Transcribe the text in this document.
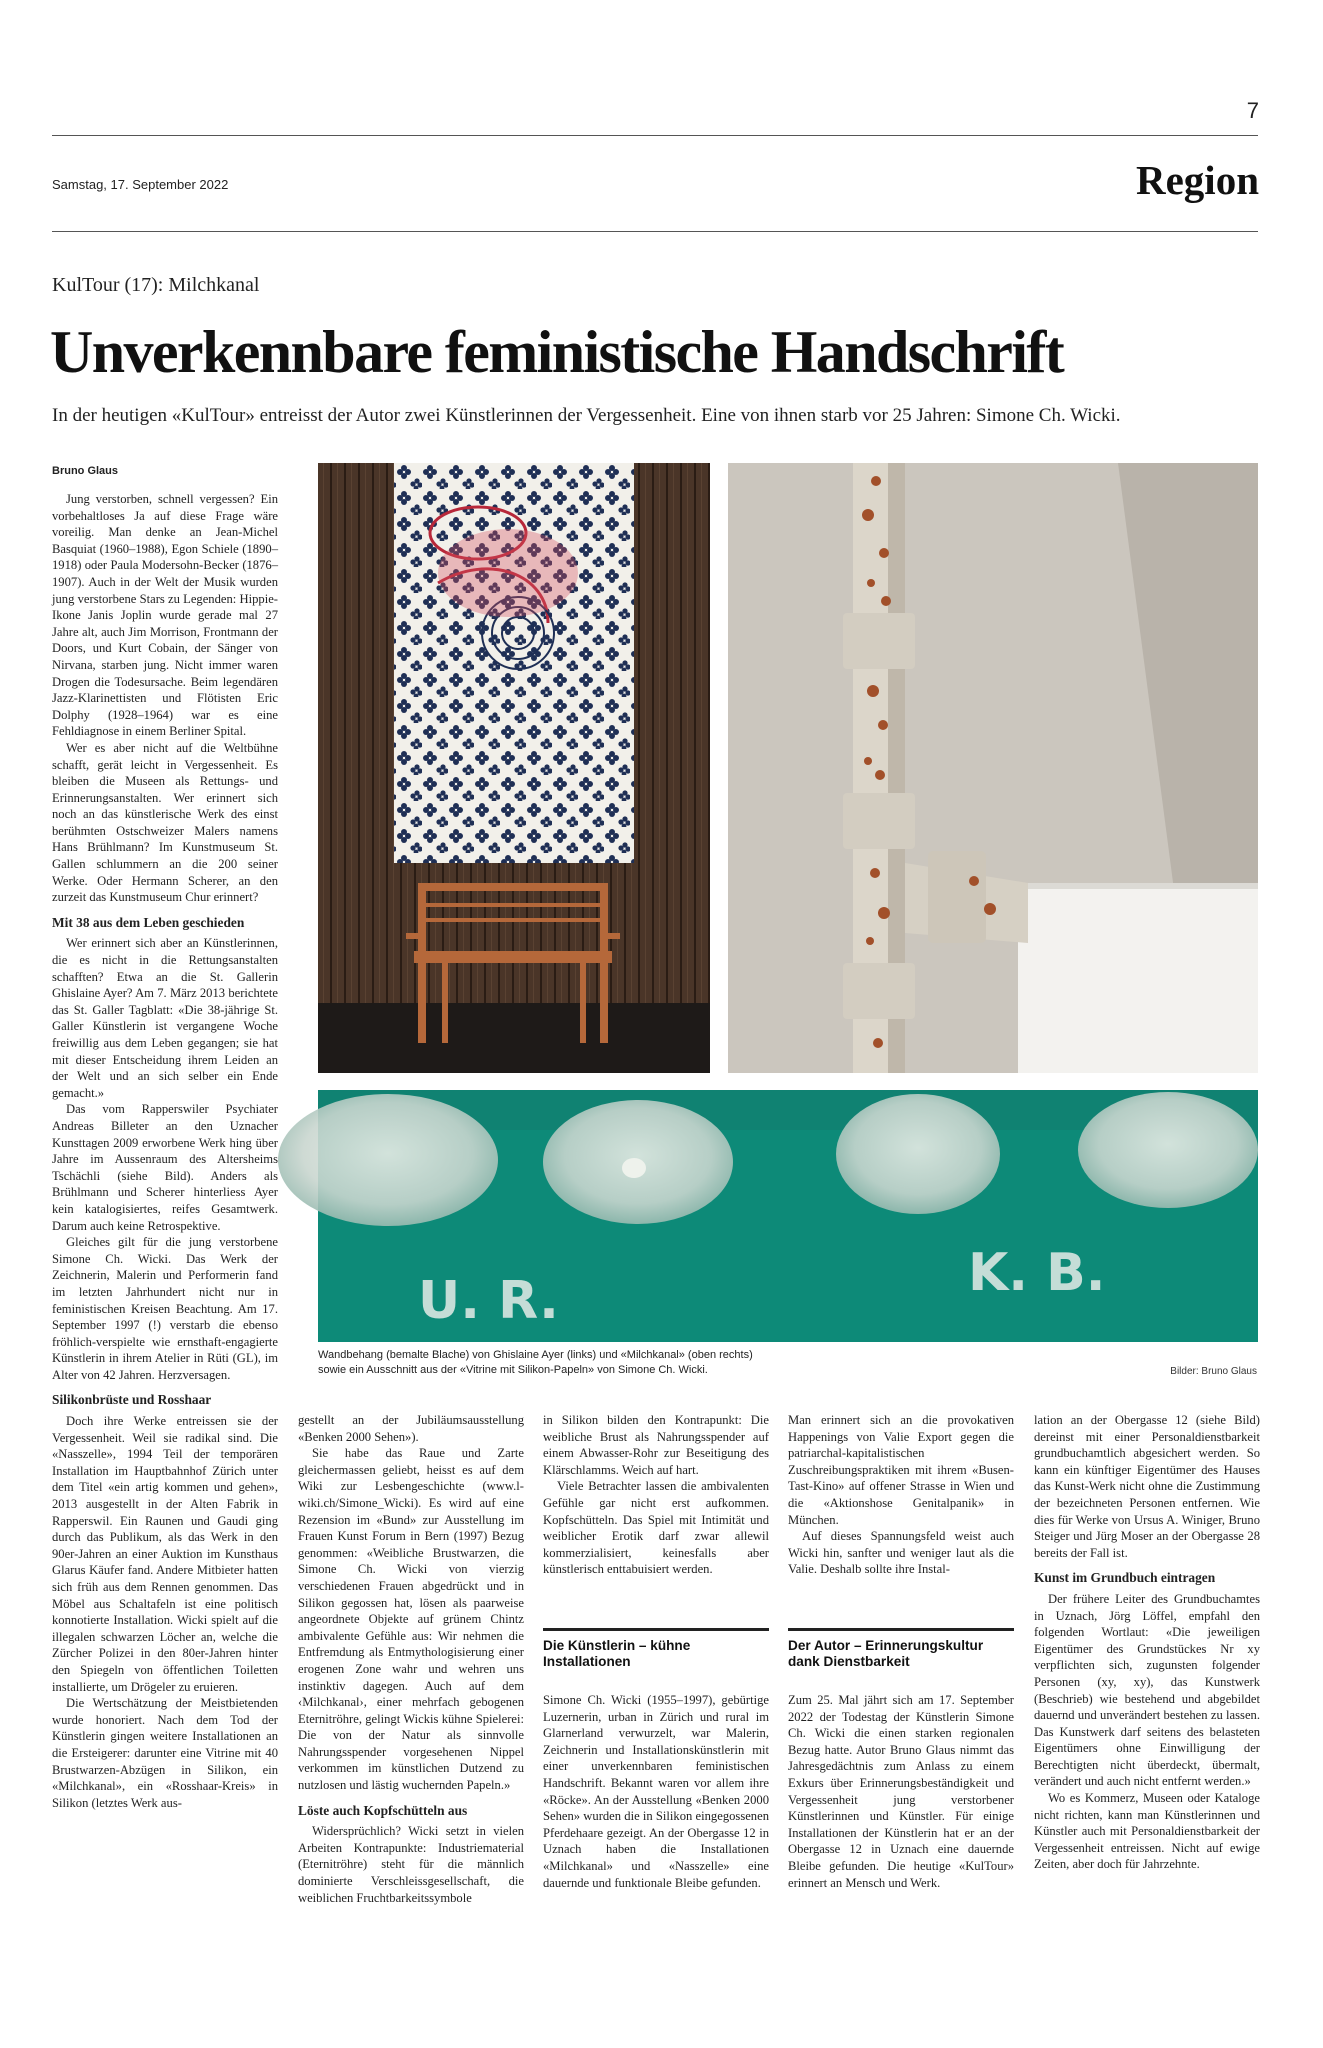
7
Samstag, 17. September 2022	Region
KulTour (17): Milchkanal
Unverkennbare feministische Handschrift
In der heutigen «KulTour» entreisst der Autor zwei Künstlerinnen der Vergessenheit. Eine von ihnen starb vor 25 Jahren: Simone Ch. Wicki.

Bruno Glaus

Jung verstorben, schnell vergessen? Ein vorbehaltloses Ja auf diese Frage wäre voreilig. Man denke an Jean-Michel Basquiat (1960–1988), Egon Schiele (1890–1918) oder Paula Modersohn-Becker (1876–1907). Auch in der Welt der Musik wurden jung verstorbene Stars zu Legenden: Hippie-Ikone Janis Joplin wurde gerade mal 27 Jahre alt, auch Jim Morrison, Frontmann der Doors, und Kurt Cobain, der Sänger von Nirvana, starben jung. Nicht immer waren Drogen die Todesursache. Beim legendären Jazz-Klarinettisten und Flötisten Eric Dolphy (1928–1964) war es eine Fehldiagnose in einem Berliner Spital.

Wer es aber nicht auf die Weltbühne schafft, gerät leicht in Vergessenheit. Es bleiben die Museen als Rettungs- und Erinnerungsanstalten. Wer erinnert sich noch an das künstlerische Werk des einst berühmten Ostschweizer Malers namens Hans Brühlmann? Im Kunstmuseum St. Gallen schlummern an die 200 seiner Werke. Oder Hermann Scherer, an den zurzeit das Kunstmuseum Chur erinnert?

Mit 38 aus dem Leben geschieden

Wer erinnert sich aber an Künstlerinnen, die es nicht in die Rettungsanstalten schafften? Etwa an die St. Gallerin Ghislaine Ayer? Am 7. März 2013 berichtete das St. Galler Tagblatt: «Die 38-jährige St. Galler Künstlerin ist vergangene Woche freiwillig aus dem Leben gegangen; sie hat mit dieser Entscheidung ihrem Leiden an der Welt und an sich selber ein Ende gemacht.»

Das vom Rapperswiler Psychiater Andreas Billeter an den Uznacher Kunsttagen 2009 erworbene Werk hing über Jahre im Aussenraum des Altersheims Tschächli (siehe Bild). Anders als Brühlmann und Scherer hinterliess Ayer kein katalogisiertes, reifes Gesamtwerk. Darum auch keine Retrospektive.

Gleiches gilt für die jung verstorbene Simone Ch. Wicki. Das Werk der Zeichnerin, Malerin und Performerin fand im letzten Jahrhundert nicht nur in feministischen Kreisen Beachtung. Am 17. September 1997 (!) verstarb die ebenso fröhlich-verspielte wie ernsthaft-engagierte Künstlerin in ihrem Atelier in Rüti (GL), im Alter von 42 Jahren. Herzversagen.

Silikonbrüste und Rosshaar

Doch ihre Werke entreissen sie der Vergessenheit. Weil sie radikal sind. Die «Nasszelle», 1994 Teil der temporären Installation im Hauptbahnhof Zürich unter dem Titel «ein artig kommen und gehen», 2013 ausgestellt in der Alten Fabrik in Rapperswil. Ein Raunen und Gaudi ging durch das Publikum, als das Werk in den 90er-Jahren an einer Auktion im Kunsthaus Glarus Käufer fand. Andere Mitbieter hatten sich früh aus dem Rennen genommen. Das Möbel aus Schaltafeln ist eine politisch konnotierte Installation. Wicki spielt auf die illegalen schwarzen Löcher an, welche die Zürcher Polizei in den 80er-Jahren hinter den Spiegeln von öffentlichen Toiletten installierte, um Drögeler zu eruieren.

Die Wertschätzung der Meistbietenden wurde honoriert. Nach dem Tod der Künstlerin gingen weitere Installationen an die Ersteigerer: darunter eine Vitrine mit 40 Brustwarzen-Abzügen in Silikon, ein «Milchkanal», ein «Rosshaar-Kreis» in Silikon (letztes Werk aus-

U. R.	K. B.
Wandbehang (bemalte Blache) von Ghislaine Ayer (links) und «Milchkanal» (oben rechts)
sowie ein Ausschnitt aus der «Vitrine mit Silikon-Papeln» von Simone Ch. Wicki.	Bilder: Bruno Glaus

gestellt an der Jubiläumsausstellung «Benken 2000 Sehen»).

Sie habe das Raue und Zarte gleichermassen geliebt, heisst es auf dem Wiki zur Lesbengeschichte (www.l-wiki.ch/Simone_Wicki). Es wird auf eine Rezension im «Bund» zur Ausstellung im Frauen Kunst Forum in Bern (1997) Bezug genommen: «Weibliche Brustwarzen, die Simone Ch. Wicki von vierzig verschiedenen Frauen abgedrückt und in Silikon gegossen hat, lösen als paarweise angeordnete Objekte auf grünem Chintz ambivalente Gefühle aus: Wir nehmen die Entfremdung als Entmythologisierung einer erogenen Zone wahr und wehren uns instinktiv dagegen. Auch auf dem ‹Milchkanal›, einer mehrfach gebogenen Eternitröhre, gelingt Wickis kühne Spielerei: Die von der Natur als sinnvolle Nahrungsspender vorgesehenen Nippel verkommen im künstlichen Dutzend zu nutzlosen und lästig wuchernden Papeln.»

Löste auch Kopfschütteln aus

Widersprüchlich? Wicki setzt in vielen Arbeiten Kontrapunkte: Industriematerial (Eternitröhre) steht für die männlich dominierte Verschleissgesellschaft, die weiblichen Fruchtbarkeitssymbole

in Silikon bilden den Kontrapunkt: Die weibliche Brust als Nahrungsspender auf einem Abwasser-Rohr zur Beseitigung des Klärschlamms. Weich auf hart.

Viele Betrachter lassen die ambivalenten Gefühle gar nicht erst aufkommen. Kopfschütteln. Das Spiel mit Intimität und weiblicher Erotik darf zwar allewil kommerzialisiert, keinesfalls aber künstlerisch enttabuisiert werden.

Man erinnert sich an die provokativen Happenings von Valie Export gegen die patriarchal-kapitalistischen Zuschreibungspraktiken mit ihrem «Busen-Tast-Kino» auf offener Strasse in Wien und die «Aktionshose Genitalpanik» in München.

Auf dieses Spannungsfeld weist auch Wicki hin, sanfter und weniger laut als die Valie. Deshalb sollte ihre Instal-

lation an der Obergasse 12 (siehe Bild) dereinst mit einer Personaldienstbarkeit grundbuchamtlich abgesichert werden. So kann ein künftiger Eigentümer des Hauses das Kunst-Werk nicht ohne die Zustimmung der bezeichneten Personen entfernen. Wie dies für Werke von Ursus A. Winiger, Bruno Steiger und Jürg Moser an der Obergasse 28 bereits der Fall ist.

Kunst im Grundbuch eintragen

Der frühere Leiter des Grundbuchamtes in Uznach, Jörg Löffel, empfahl den folgenden Wortlaut: «Die jeweiligen Eigentümer des Grundstückes Nr xy verpflichten sich, zugunsten folgender Personen (xy, xy), das Kunstwerk (Beschrieb) wie bestehend und abgebildet dauernd und unverändert bestehen zu lassen. Das Kunstwerk darf seitens des belasteten Eigentümers ohne Einwilligung der Berechtigten nicht überdeckt, übermalt, verändert und auch nicht entfernt werden.»

Wo es Kommerz, Museen oder Kataloge nicht richten, kann man Künstlerinnen und Künstler auch mit Personaldienstbarkeit der Vergessenheit entreissen. Nicht auf ewige Zeiten, aber doch für Jahrzehnte.

Die Künstlerin – kühne Installationen

Simone Ch. Wicki (1955–1997), gebürtige Luzernerin, urban in Zürich und rural im Glarnerland verwurzelt, war Malerin, Zeichnerin und Installationskünstlerin mit einer unverkennbaren feministischen Handschrift. Bekannt waren vor allem ihre «Röcke». An der Ausstellung «Benken 2000 Sehen» wurden die in Silikon eingegossenen Pferdehaare gezeigt. An der Obergasse 12 in Uznach haben die Installationen «Milchkanal» und «Nasszelle» eine dauernde und funktionale Bleibe gefunden.

Der Autor – Erinnerungskultur dank Dienstbarkeit

Zum 25. Mal jährt sich am 17. September 2022 der Todestag der Künstlerin Simone Ch. Wicki die einen starken regionalen Bezug hatte. Autor Bruno Glaus nimmt das Jahresgedächtnis zum Anlass zu einem Exkurs über Erinnerungsbeständigkeit und Vergessenheit jung verstorbener Künstlerinnen und Künstler. Für einige Installationen der Künstlerin hat er an der Obergasse 12 in Uznach eine dauernde Bleibe gefunden. Die heutige «KulTour» erinnert an Mensch und Werk.
